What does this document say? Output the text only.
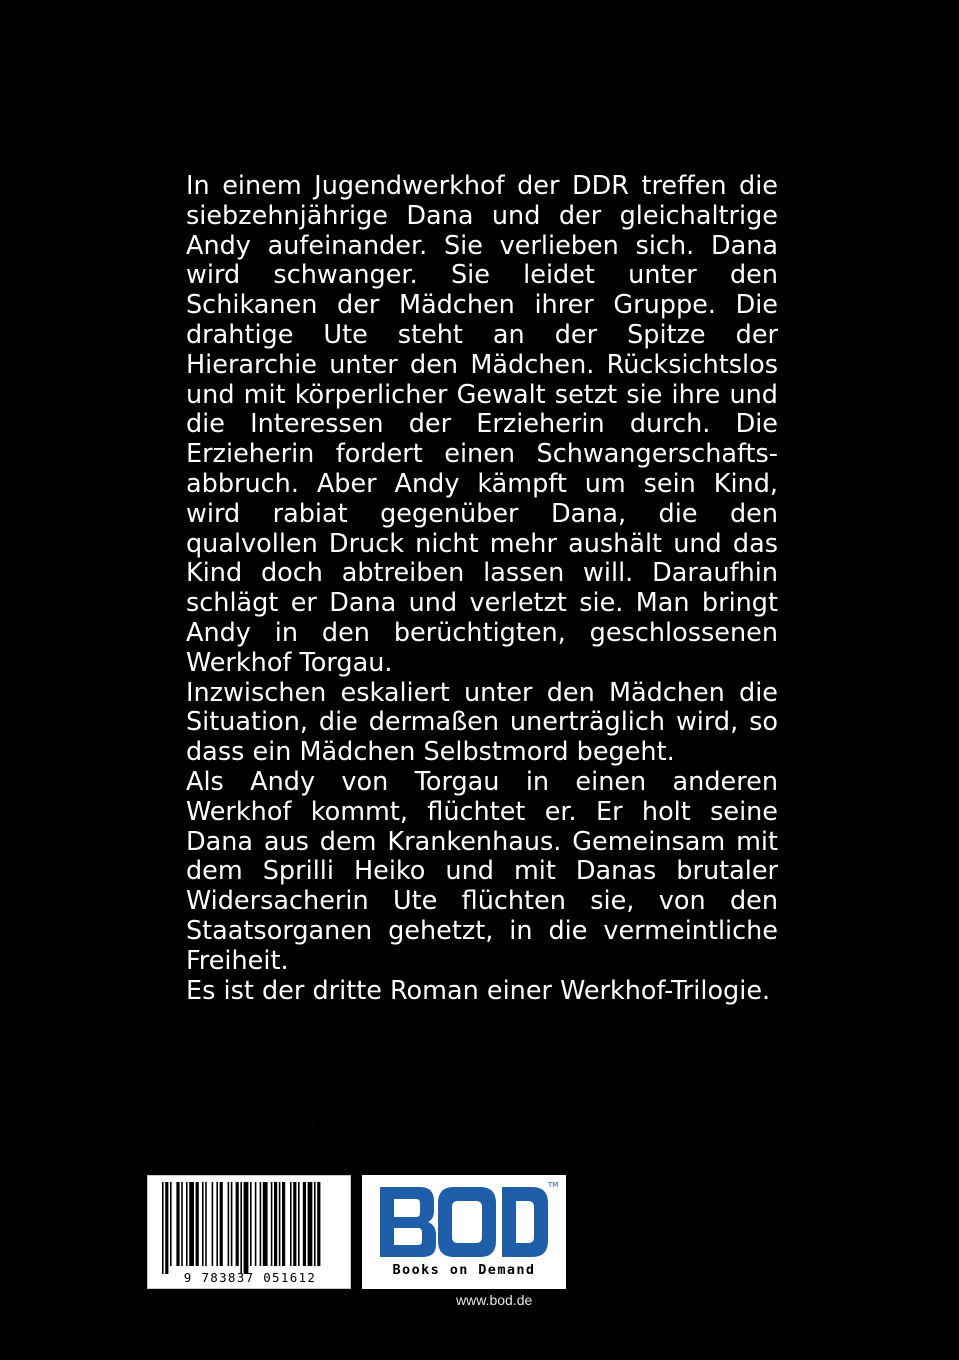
In einem Jugendwerkhof der DDR treffen die siebzehnjährige Dana und der gleichaltrige Andy aufeinander. Sie verlieben sich. Dana wird schwanger. Sie leidet unter den Schikanen der Mädchen ihrer Gruppe. Die drahtige Ute steht an der Spitze der Hierarchie unter den Mädchen. Rücksichtslos und mit körperlicher Gewalt setzt sie ihre und die Interessen der Erzieherin durch. Die Erzieherin fordert einen Schwangerschaftsabbruch. Aber Andy kämpft um sein Kind, wird rabiat gegenüber Dana, die den qualvollen Druck nicht mehr aushält und das Kind doch abtreiben lassen will. Daraufhin schlägt er Dana und verletzt sie. Man bringt Andy in den berüchtigten, geschlossenen Werkhof Torgau.

Inzwischen eskaliert unter den Mädchen die Situation, die dermaßen unerträglich wird, so dass ein Mädchen Selbstmord begeht.

Als Andy von Torgau in einen anderen Werkhof kommt, flüchtet er. Er holt seine Dana aus dem Krankenhaus. Gemeinsam mit dem Sprilli Heiko und mit Danas brutaler Widersacherin Ute flüchten sie, von den Staatsorganen gehetzt, in die vermeintliche Freiheit.

Es ist der dritte Roman einer Werkhof-Trilogie.

9 783837 051612
TM
BOD
Books on Demand
www.bod.de
